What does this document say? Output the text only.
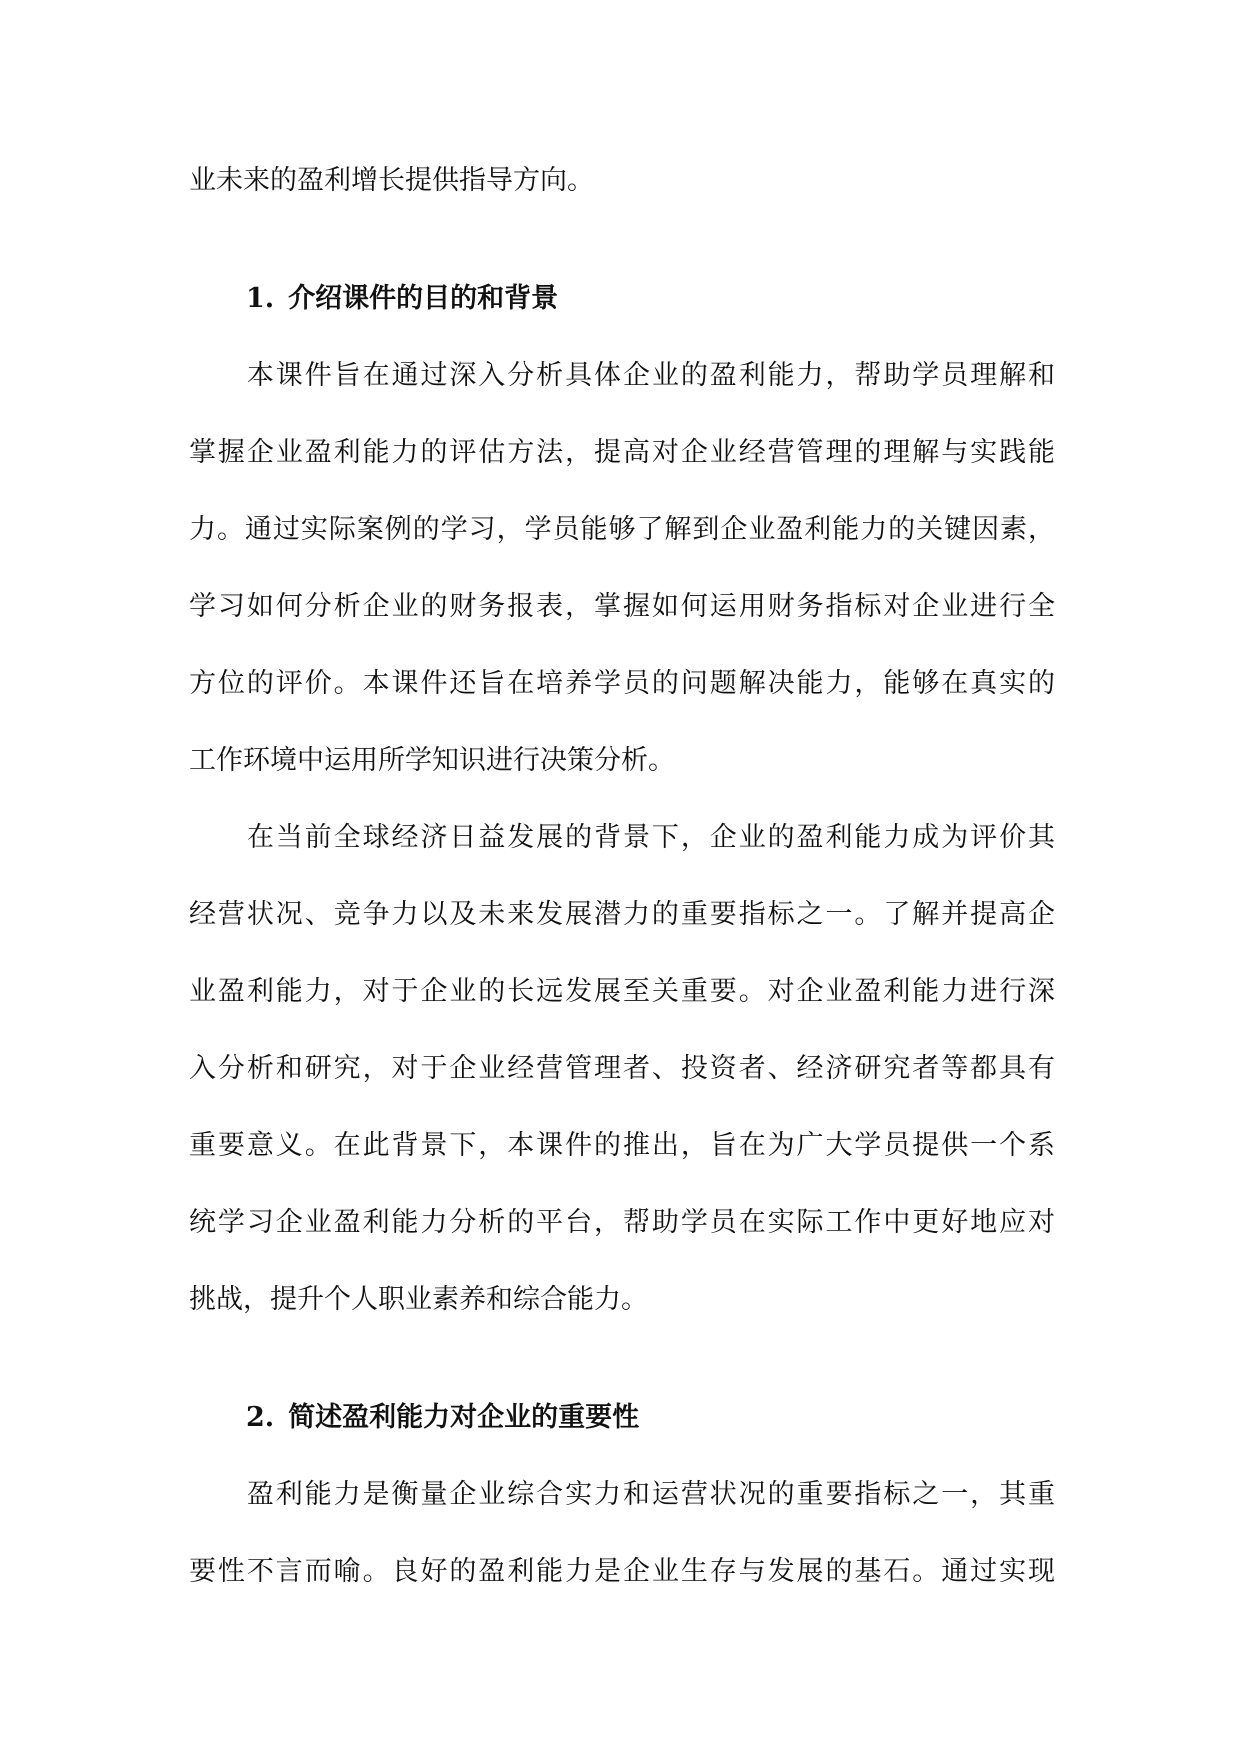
业未来的盈利增长提供指导方向。
1. 介绍课件的目的和背景
　　本课件旨在通过深入分析具体企业的盈利能力，帮助学员理解和
掌握企业盈利能力的评估方法，提高对企业经营管理的理解与实践能
力。通过实际案例的学习，学员能够了解到企业盈利能力的关键因素，
学习如何分析企业的财务报表，掌握如何运用财务指标对企业进行全
方位的评价。本课件还旨在培养学员的问题解决能力，能够在真实的
工作环境中运用所学知识进行决策分析。
　　在当前全球经济日益发展的背景下，企业的盈利能力成为评价其
经营状况、竞争力以及未来发展潜力的重要指标之一。了解并提高企
业盈利能力，对于企业的长远发展至关重要。对企业盈利能力进行深
入分析和研究，对于企业经营管理者、投资者、经济研究者等都具有
重要意义。在此背景下，本课件的推出，旨在为广大学员提供一个系
统学习企业盈利能力分析的平台，帮助学员在实际工作中更好地应对
挑战，提升个人职业素养和综合能力。
2. 简述盈利能力对企业的重要性
　　盈利能力是衡量企业综合实力和运营状况的重要指标之一，其重
要性不言而喻。良好的盈利能力是企业生存与发展的基石。通过实现
